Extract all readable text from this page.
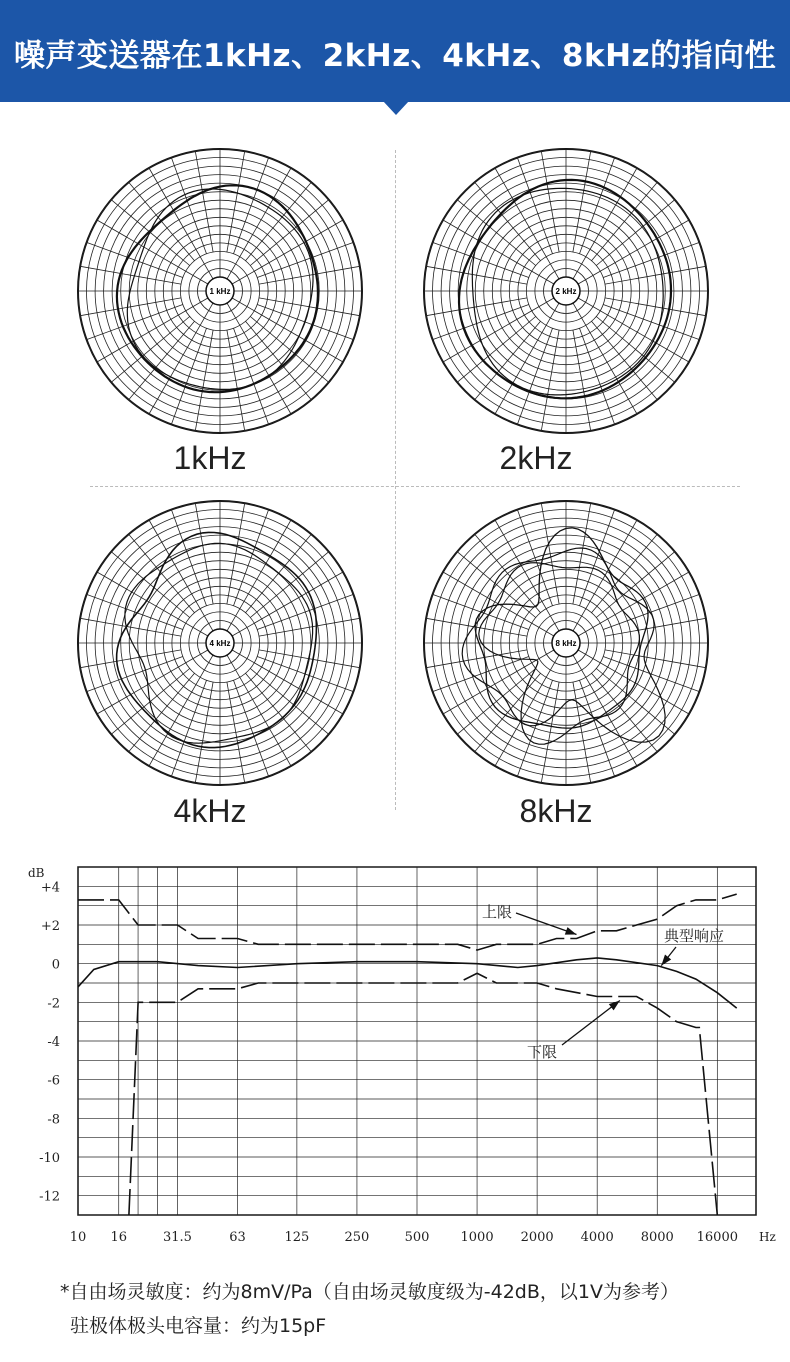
噪声变送器在1kHz、2kHz、4kHz、8kHz的指向性
1 kHz	2 kHz
4 kHz	8 kHz
1kHz	2kHz
4kHz	8kHz
10 16	31.5	63	125	250	500 1000 2000 4000 8000 16000
+4
+2
0
-2
-4
-6
-8
-10
-12
dB
Hz
上限
典型响应
下限
*自由场灵敏度：约为8mV/Pa（自由场灵敏度级为-42dB，以1V为参考）
驻极体极头电容量：约为15pF
